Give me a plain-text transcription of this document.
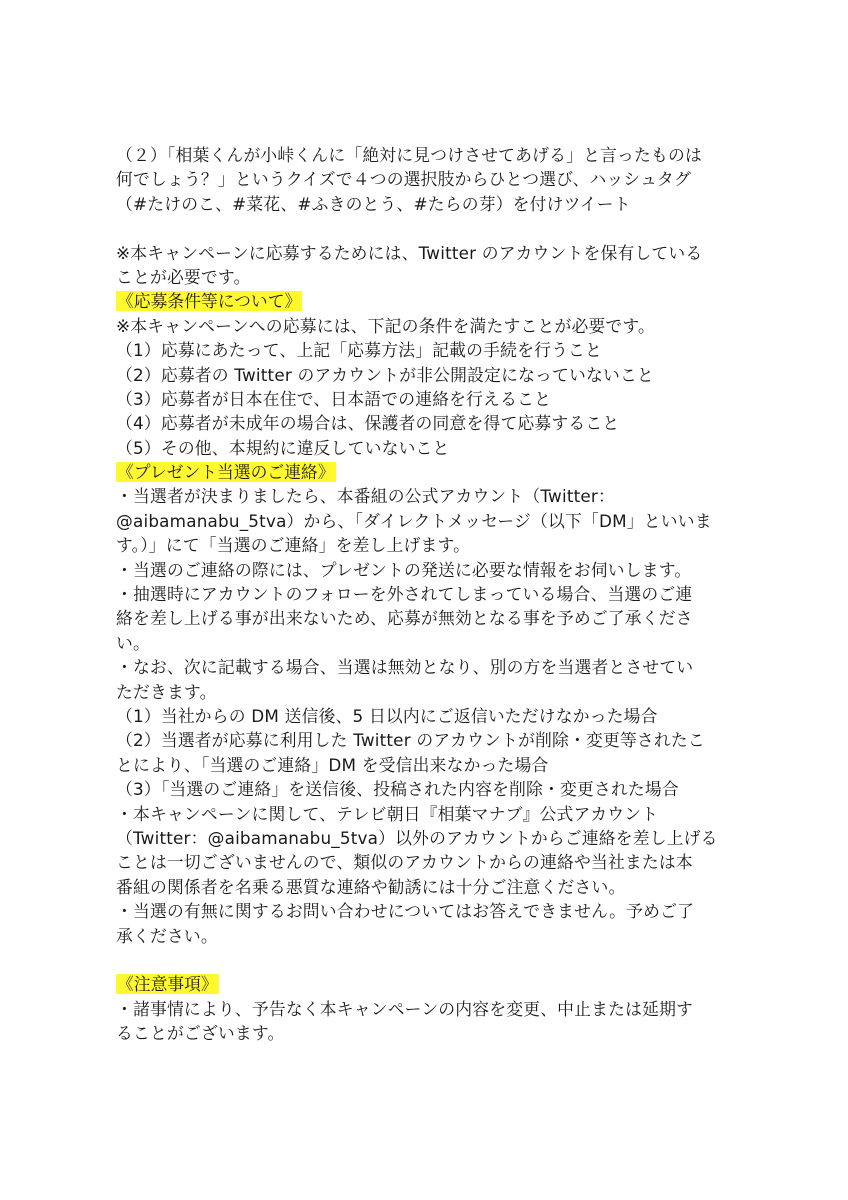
（２）「相葉くんが小峠くんに「絶対に見つけさせてあげる」と言ったものは
何でしょう？」というクイズで４つの選択肢からひとつ選び、ハッシュタグ
（#たけのこ、#菜花、#ふきのとう、#たらの芽）を付けツイート
※本キャンペーンに応募するためには、Twitter のアカウントを保有している
ことが必要です。
《応募条件等について》
※本キャンペーンへの応募には、下記の条件を満たすことが必要です。
（1）応募にあたって、上記「応募方法」記載の手続を行うこと
（2）応募者の Twitter のアカウントが非公開設定になっていないこと
（3）応募者が日本在住で、日本語での連絡を行えること
（4）応募者が未成年の場合は、保護者の同意を得て応募すること
（5）その他、本規約に違反していないこと
《プレゼント当選のご連絡》
・当選者が決まりましたら、本番組の公式アカウント（Twitter：
@aibamanabu_5tva）から、「ダイレクトメッセージ（以下「DM」といいま
す。）」にて「当選のご連絡」を差し上げます。
・当選のご連絡の際には、プレゼントの発送に必要な情報をお伺いします。
・抽選時にアカウントのフォローを外されてしまっている場合、当選のご連
絡を差し上げる事が出来ないため、応募が無効となる事を予めご了承くださ
い。
・なお、次に記載する場合、当選は無効となり、別の方を当選者とさせてい
ただきます。
（1）当社からの DM 送信後、5 日以内にご返信いただけなかった場合
（2）当選者が応募に利用した Twitter のアカウントが削除・変更等されたこ
とにより、「当選のご連絡」DM を受信出来なかった場合
（3）「当選のご連絡」を送信後、投稿された内容を削除・変更された場合
・本キャンペーンに関して、テレビ朝日『相葉マナブ』公式アカウント
（Twitter：@aibamanabu_5tva）以外のアカウントからご連絡を差し上げる
ことは一切ございませんので、類似のアカウントからの連絡や当社または本
番組の関係者を名乗る悪質な連絡や勧誘には十分ご注意ください。
・当選の有無に関するお問い合わせについてはお答えできません。予めご了
承ください。
《注意事項》
・諸事情により、予告なく本キャンペーンの内容を変更、中止または延期す
ることがございます。
